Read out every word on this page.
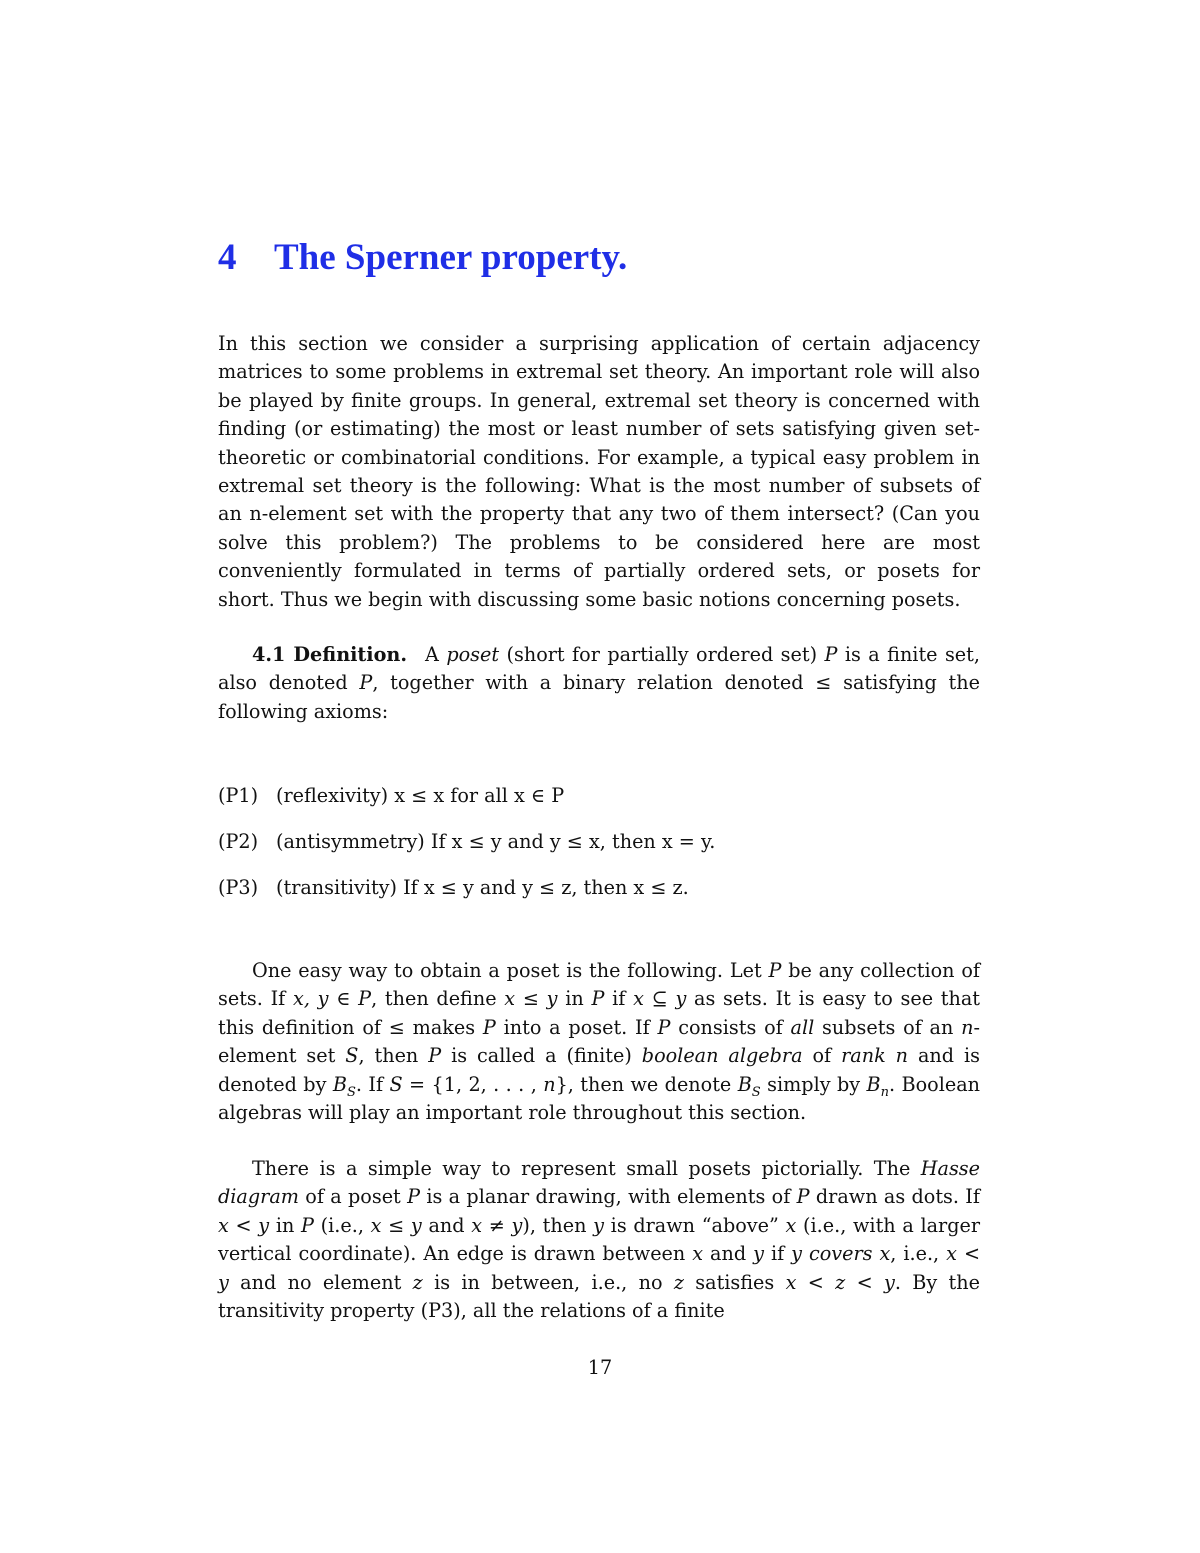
4 The Sperner property.

In this section we consider a surprising application of certain adjacency matrices to some problems in extremal set theory. An important role will also be played by finite groups. In general, extremal set theory is concerned with finding (or estimating) the most or least number of sets satisfying given set-theoretic or combinatorial conditions. For example, a typical easy problem in extremal set theory is the following: What is the most number of subsets of an n-element set with the property that any two of them intersect? (Can you solve this problem?) The problems to be considered here are most conveniently formulated in terms of partially ordered sets, or posets for short. Thus we begin with discussing some basic notions concerning posets.

4.1 Definition. A poset (short for partially ordered set) P is a finite set, also denoted P, together with a binary relation denoted ≤ satisfying the following axioms:

(P1) (reflexivity) x ≤ x for all x ∈ P

(P2) (antisymmetry) If x ≤ y and y ≤ x, then x = y.

(P3) (transitivity) If x ≤ y and y ≤ z, then x ≤ z.

One easy way to obtain a poset is the following. Let P be any collection of sets. If x, y ∈ P, then define x ≤ y in P if x ⊆ y as sets. It is easy to see that this definition of ≤ makes P into a poset. If P consists of all subsets of an n-element set S, then P is called a (finite) boolean algebra of rank n and is denoted by $B_S$. If S = {1, 2, . . . , n}, then we denote $B_S$ simply by $B_n$. Boolean algebras will play an important role throughout this section.

There is a simple way to represent small posets pictorially. The Hasse diagram of a poset P is a planar drawing, with elements of P drawn as dots. If x < y in P (i.e., x ≤ y and x ≠ y), then y is drawn “above” x (i.e., with a larger vertical coordinate). An edge is drawn between x and y if y covers x, i.e., x < y and no element z is in between, i.e., no z satisfies x < z < y. By the transitivity property (P3), all the relations of a finite

17
